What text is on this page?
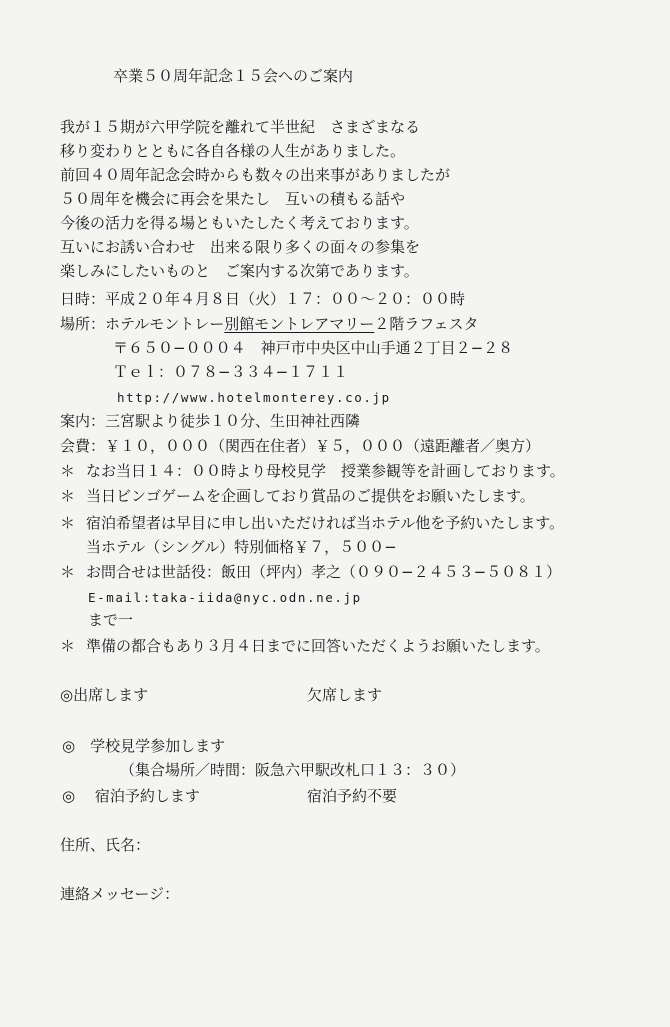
卒業５０周年記念１５会へのご案内
我が１５期が六甲学院を離れて半世紀　さまざまなる
移り変わりとともに各自各様の人生がありました。
前回４０周年記念会時からも数々の出来事がありましたが
５０周年を機会に再会を果たし　互いの積もる話や
今後の活力を得る場ともいたしたく考えております。
互いにお誘い合わせ　出来る限り多くの面々の参集を
楽しみにしたいものと　ご案内する次第であります。
日時：平成２０年４月８日（火）１７：００〜２０：００時
場所：ホテルモントレー別館モントレアマリー２階ラフェスタ
〒６５０−０００４　神戸市中央区中山手通２丁目２−２８
Ｔｅｌ：０７８−３３４−１７１１
http://www.hotelmonterey.co.jp
案内：三宮駅より徒歩１０分、生田神社西隣
会費：￥１０，０００（関西在住者）￥５，０００（遠距離者／奥方）
＊ なお当日１４：００時より母校見学　授業参観等を計画しております。
＊ 当日ビンゴゲームを企画しており賞品のご提供をお願いたします。
＊ 宿泊希望者は早目に申し出いただければ当ホテル他を予約いたします。
当ホテル（シングル）特別価格￥７，５００−
＊ お問合せは世話役：飯田（坪内）孝之（０９０−２４５３−５０８１）
E-mail:taka-iida@nyc.odn.ne.jp
まで一
＊ 準備の都合もあり３月４日までに回答いただくようお願いたします。
◎出席します	欠席します
◎　学校見学参加します
（集合場所／時間：阪急六甲駅改札口１３：３０）
◎　 宿泊予約します	宿泊予約不要
住所、氏名：
連絡メッセージ：
